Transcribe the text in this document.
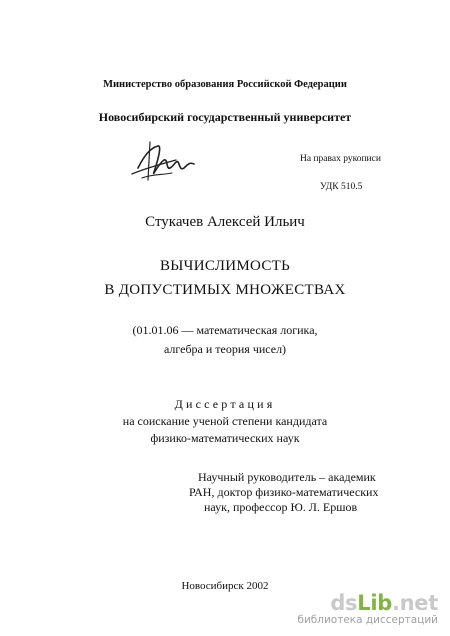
Министерство образования Российской Федерации
Новосибирский государственный университет
На правах рукописи
УДК 510.5
Стукачев Алексей Ильич
ВЫЧИСЛИМОСТЬ
В ДОПУСТИМЫХ МНОЖЕСТВАХ
(01.01.06 — математическая логика,
алгебра и теория чисел)
Диссертация
на соискание ученой степени кандидата
физико-математических наук
Научный руководитель – академик
РАН, доктор физико-математических
наук, профессор Ю. Л. Ершов
Новосибирск 2002
dsLib.net
библиотека диссертаций
